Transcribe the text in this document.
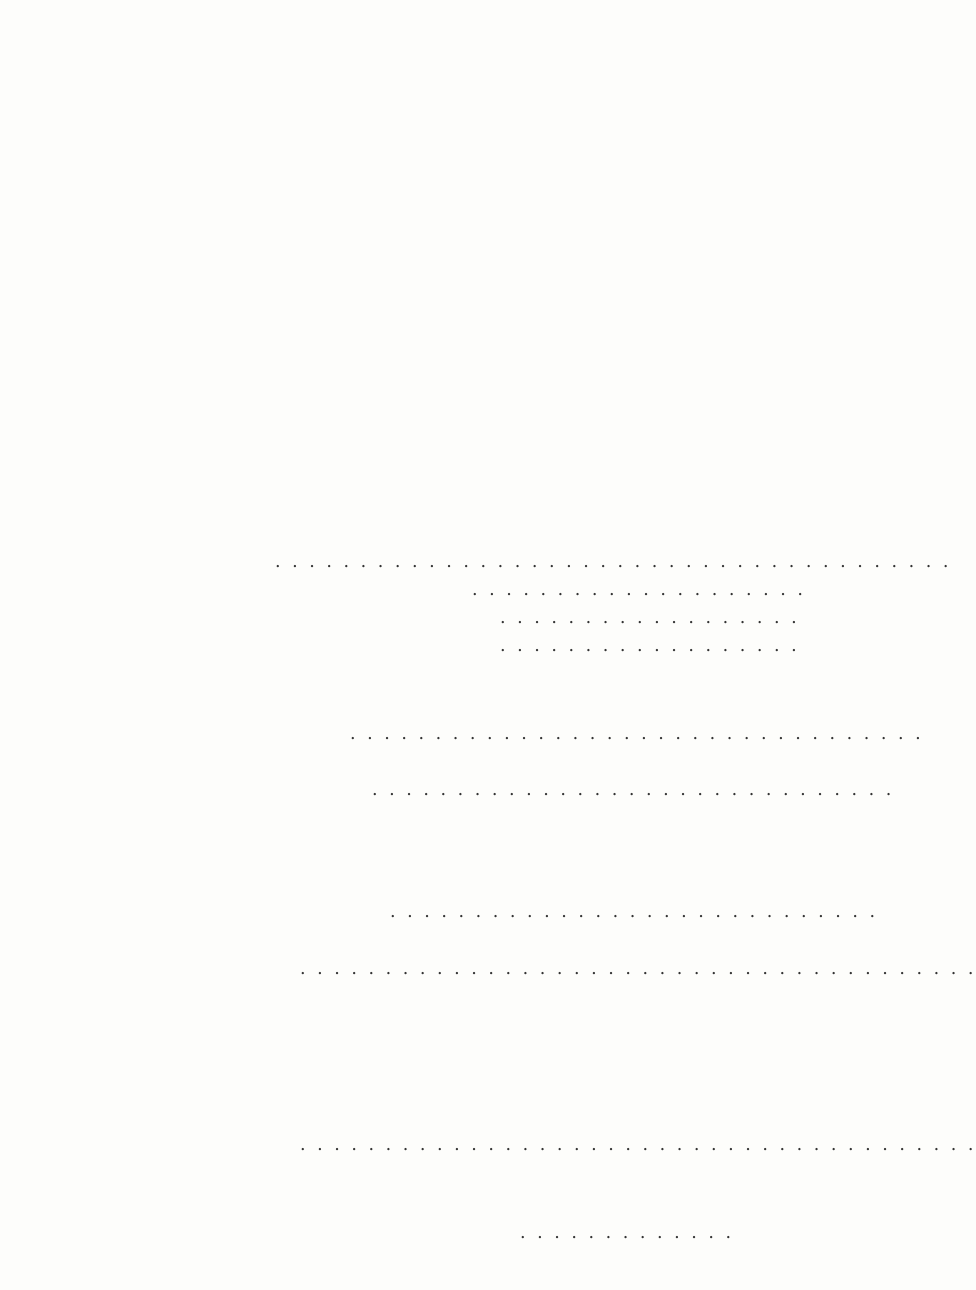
. . . . . . . . . . . . . . . . . . . . . . . . . . . . . . . . . . . . . . . .
. . . . . . . . . . . . . . . . . . . .
. . . . . . . . . . . . . . . . . .
. . . . . . . . . . . . . . . . . .
. . . . . . . . . . . . . . . . . . . . . . . . . . . . . . . . . .
. . . . . . . . . . . . . . . . . . . . . . . . . . . . . . .
. . . . . . . . . . . . . . . . . . . . . . . . . . . . .
. . . . . . . . . . . . . . . . . . . . . . . . . . . . . . . . . . . . . . . .
. . . . . . . . . . . . . . . . . . . . . . . . . . . . . . . . . . . . . . . .
. . . . . . . . . . . . .
